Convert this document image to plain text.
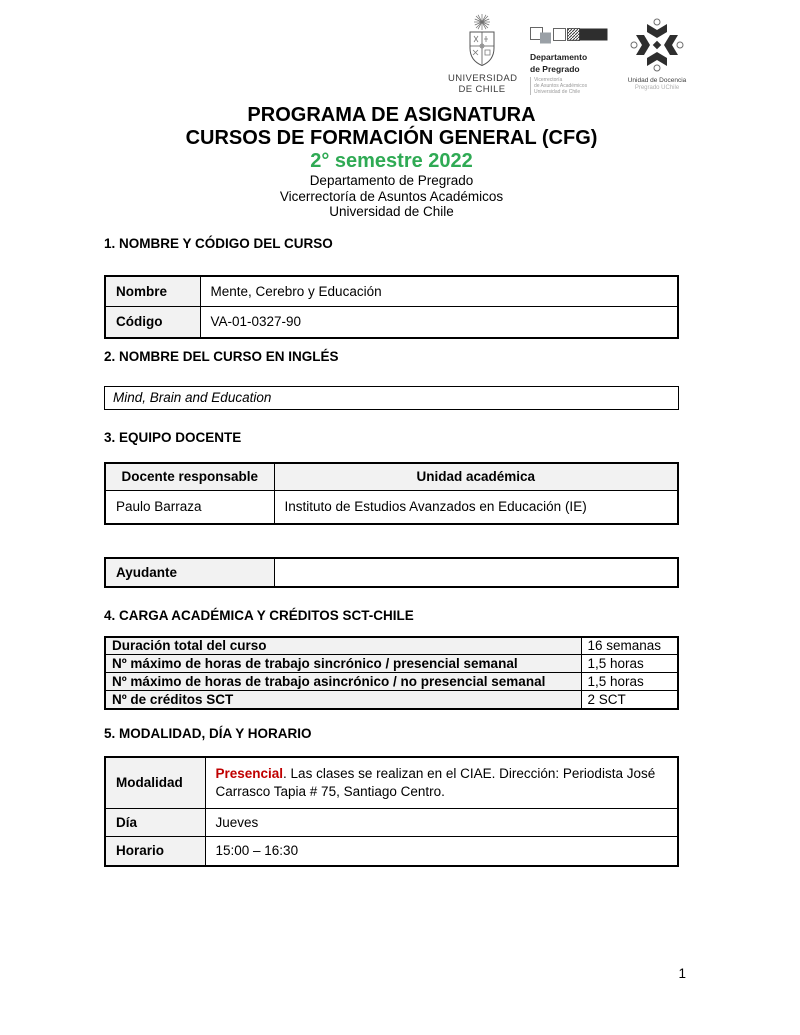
UNIVERSIDAD
DE CHILE
Departamento
de Pregrado
Vicerrectoría
de Asuntos Académicos
Universidad de Chile
Unidad de Docencia
Pregrado UChile
PROGRAMA DE ASIGNATURA
CURSOS DE FORMACIÓN GENERAL (CFG)
2° semestre 2022
Departamento de Pregrado
Vicerrectoría de Asuntos Académicos
Universidad de Chile
1. NOMBRE Y CÓDIGO DEL CURSO
Nombre	Mente, Cerebro y Educación
Código	VA-01-0327-90
2. NOMBRE DEL CURSO EN INGLÉS
Mind, Brain and Education
3. EQUIPO DOCENTE
Docente responsable	Unidad académica
Paulo Barraza	Instituto de Estudios Avanzados en Educación (IE)
Ayudante	
4. CARGA ACADÉMICA Y CRÉDITOS SCT-CHILE
Duración total del curso	16 semanas
Nº máximo de horas de trabajo sincrónico / presencial semanal	1,5 horas
Nº máximo de horas de trabajo asincrónico / no presencial semanal	1,5 horas
Nº de créditos SCT	2 SCT
5. MODALIDAD, DÍA Y HORARIO
Modalidad	Presencial. Las clases se realizan en el CIAE. Dirección: Periodista José Carrasco Tapia # 75, Santiago Centro.
Día	Jueves
Horario	15:00 – 16:30
1
